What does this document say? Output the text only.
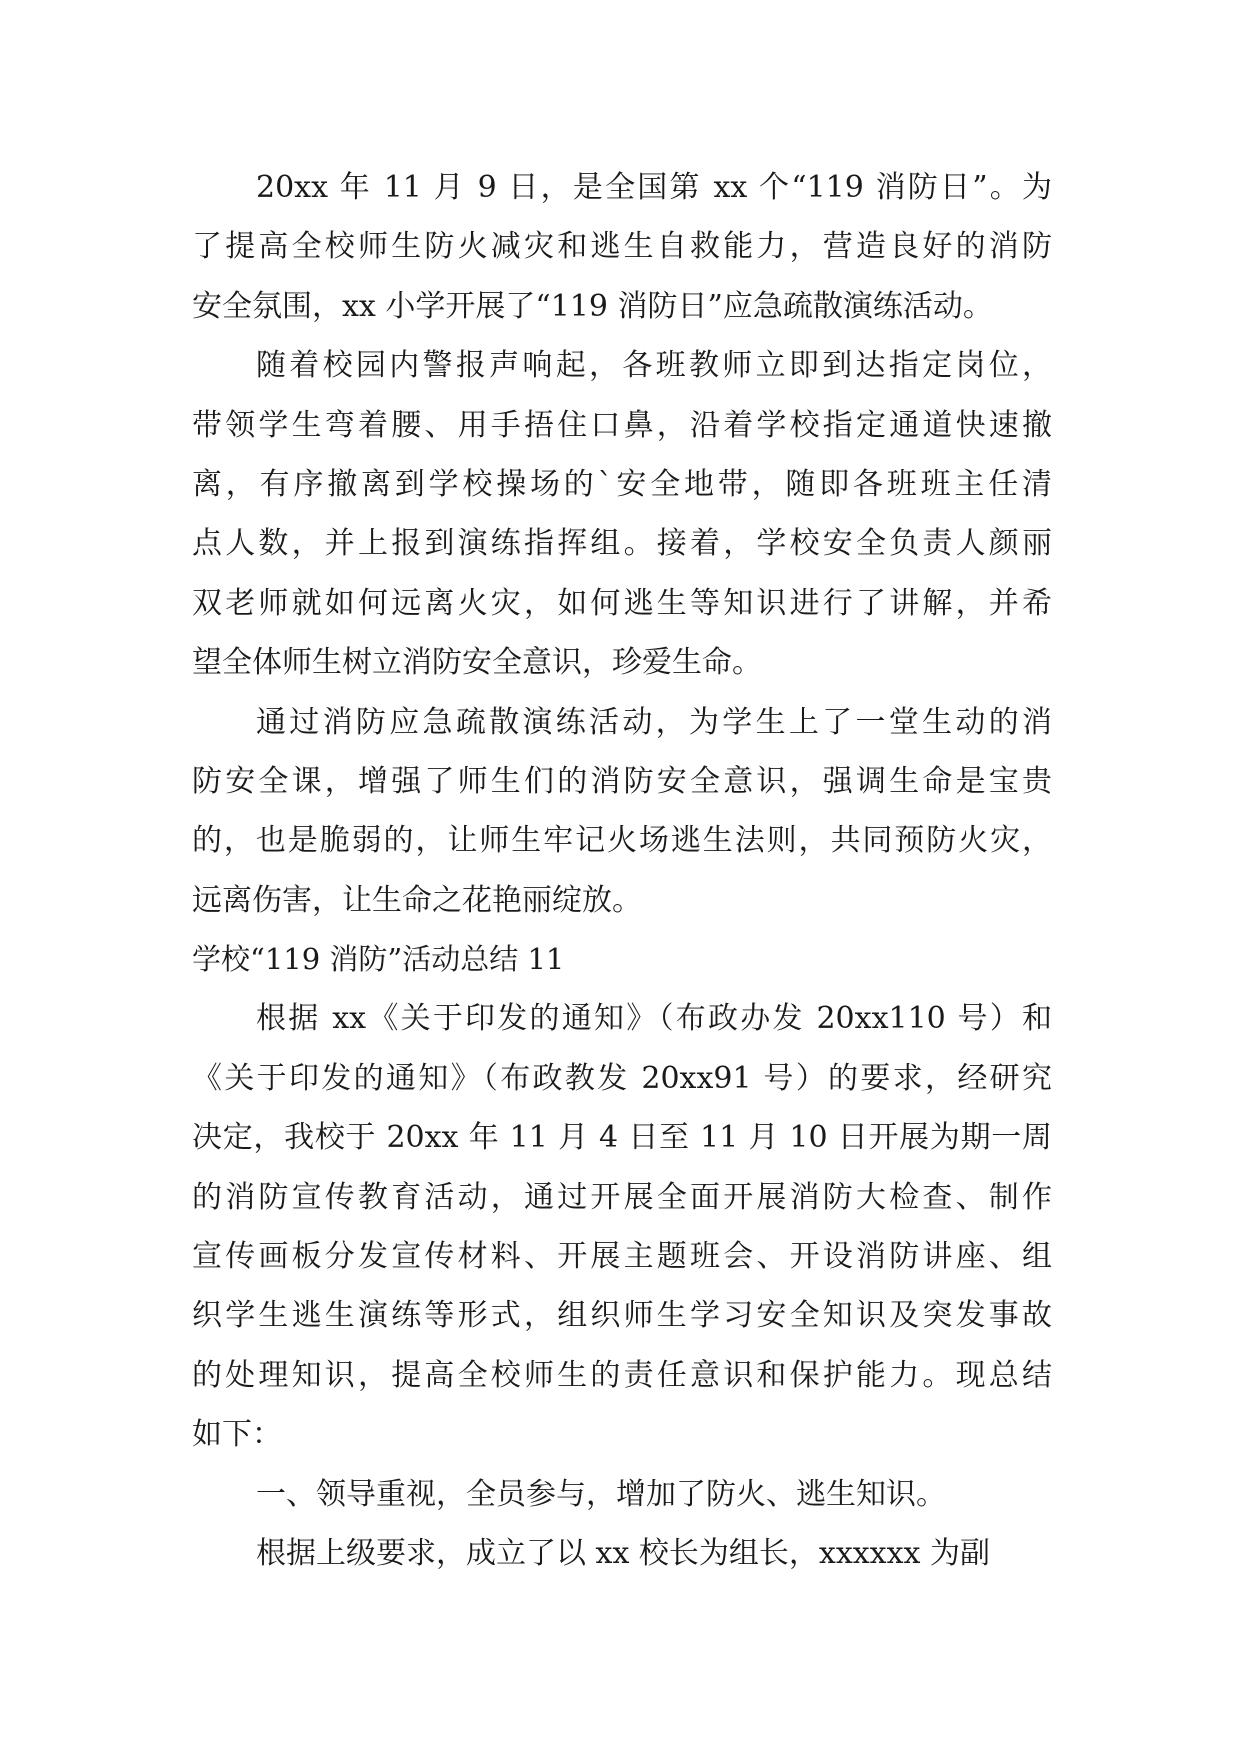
20xx 年 11 月 9 日，是全国第 xx 个“119 消防日”。为
了提高全校师生防火减灾和逃生自救能力，营造良好的消防
安全氛围，xx 小学开展了“119 消防日”应急疏散演练活动。
随着校园内警报声响起，各班教师立即到达指定岗位，
带领学生弯着腰、用手捂住口鼻，沿着学校指定通道快速撤
离，有序撤离到学校操场的`安全地带，随即各班班主任清
点人数，并上报到演练指挥组。接着，学校安全负责人颜丽
双老师就如何远离火灾，如何逃生等知识进行了讲解，并希
望全体师生树立消防安全意识，珍爱生命。
通过消防应急疏散演练活动，为学生上了一堂生动的消
防安全课，增强了师生们的消防安全意识，强调生命是宝贵
的，也是脆弱的，让师生牢记火场逃生法则，共同预防火灾，
远离伤害，让生命之花艳丽绽放。
学校“119 消防”活动总结 11
根据 xx《关于印发的通知》（布政办发 20xx110 号）和
《关于印发的通知》（布政教发 20xx91 号）的要求，经研究
决定，我校于 20xx 年 11 月 4 日至 11 月 10 日开展为期一周
的消防宣传教育活动，通过开展全面开展消防大检查、制作
宣传画板分发宣传材料、开展主题班会、开设消防讲座、组
织学生逃生演练等形式，组织师生学习安全知识及突发事故
的处理知识，提高全校师生的责任意识和保护能力。现总结
如下：
一、领导重视，全员参与，增加了防火、逃生知识。
根据上级要求，成立了以 xx 校长为组长，xxxxxx 为副
